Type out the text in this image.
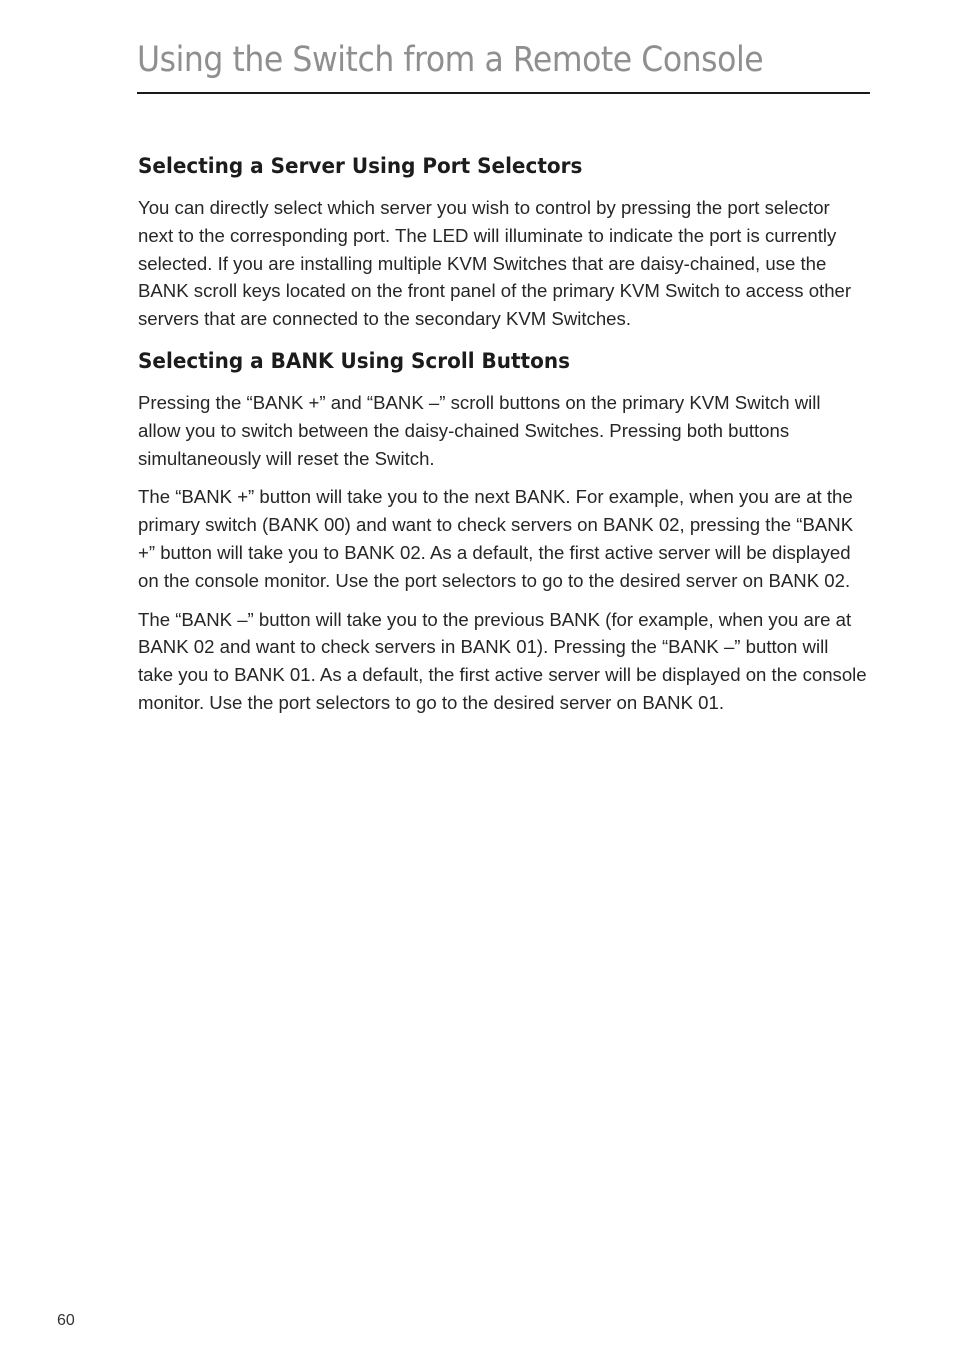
Using the Switch from a Remote Console
Selecting a Server Using Port Selectors

You can directly select which server you wish to control by pressing the port selector next to the corresponding port. The LED will illuminate to indicate the port is currently selected. If you are installing multiple KVM Switches that are daisy-chained, use the BANK scroll keys located on the front panel of the primary KVM Switch to access other servers that are connected to the secondary KVM Switches.

Selecting a BANK Using Scroll Buttons

Pressing the “BANK +” and “BANK –” scroll buttons on the primary KVM Switch will allow you to switch between the daisy-chained Switches. Pressing both buttons simultaneously will reset the Switch.

The “BANK +” button will take you to the next BANK. For example, when you are at the primary switch (BANK 00) and want to check servers on BANK 02, pressing the “BANK +” button will take you to BANK 02. As a default, the first active server will be displayed on the console monitor. Use the port selectors to go to the desired server on BANK 02.

The “BANK –” button will take you to the previous BANK (for example, when you are at BANK 02 and want to check servers in BANK 01). Pressing the “BANK –” button will take you to BANK 01. As a default, the first active server will be displayed on the console monitor. Use the port selectors to go to the desired server on BANK 01.

60
